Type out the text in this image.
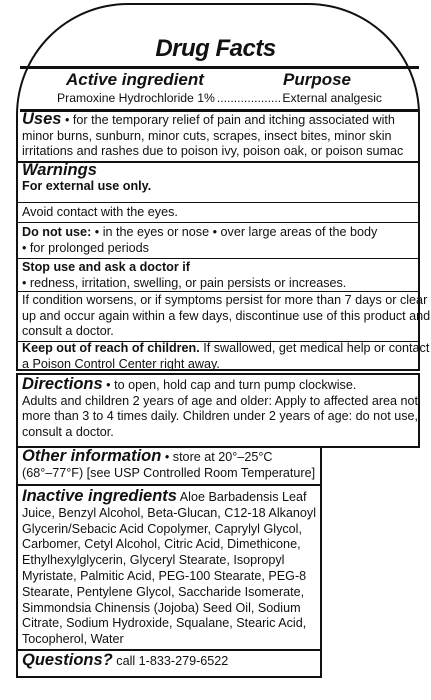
Drug Facts
Active ingredient	Purpose
Pramoxine Hydrochloride 1%
.....	External analgesic
Uses • for the temporary relief of pain and itching associated with
minor burns, sunburn, minor cuts, scrapes, insect bites, minor skin
irritations and rashes due to poison ivy, poison oak, or poison sumac
Warnings
For external use only.
Avoid contact with the eyes.
Do not use: • in the eyes or nose • over large areas of the body
• for prolonged periods
Stop use and ask a doctor if
• redness, irritation, swelling, or pain persists or increases.
If condition worsens, or if symptoms persist for more than 7 days or clear
up and occur again within a few days, discontinue use of this product and
consult a doctor.
Keep out of reach of children. If swallowed, get medical help or contact
a Poison Control Center right away.
Directions • to open, hold cap and turn pump clockwise.
Adults and children 2 years of age and older: Apply to affected area not
more than 3 to 4 times daily. Children under 2 years of age: do not use,
consult a doctor.
Other information • store at 20°–25°C
(68°–77°F) [see USP Controlled Room Temperature]
Inactive ingredients Aloe Barbadensis Leaf
Juice, Benzyl Alcohol, Beta-Glucan, C12-18 Alkanoyl
Glycerin/Sebacic Acid Copolymer, Caprylyl Glycol,
Carbomer, Cetyl Alcohol, Citric Acid, Dimethicone,
Ethylhexylglycerin, Glyceryl Stearate, Isopropyl
Myristate, Palmitic Acid, PEG-100 Stearate, PEG-8
Stearate, Pentylene Glycol, Saccharide Isomerate,
Simmondsia Chinensis (Jojoba) Seed Oil, Sodium
Citrate, Sodium Hydroxide, Squalane, Stearic Acid,
Tocopherol, Water
Questions? call 1-833-279-6522
